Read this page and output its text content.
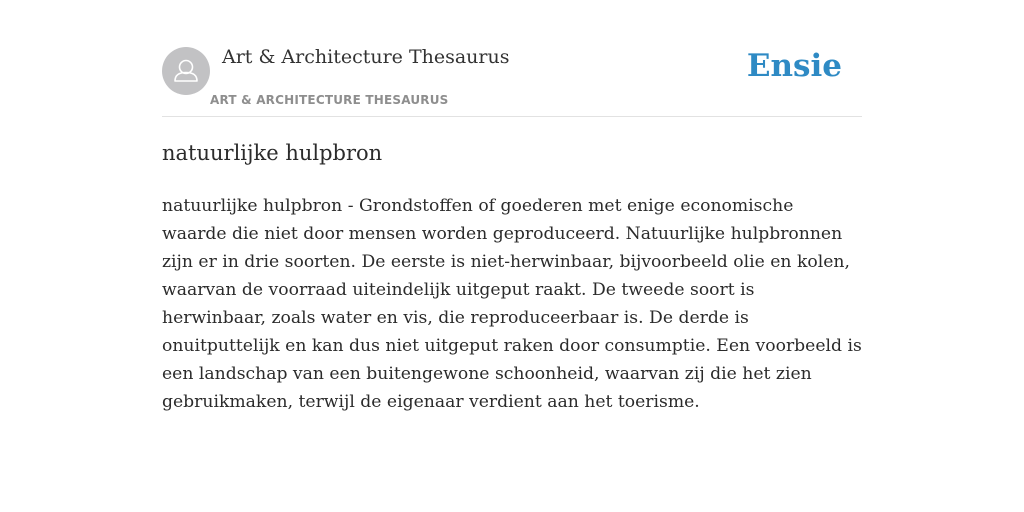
Art & Architecture Thesaurus
ART & ARCHITECTURE THESAURUS
Ensie
natuurlijke hulpbron

natuurlijke hulpbron - Grondstoffen of goederen met enige economische waarde die niet door mensen worden geproduceerd. Natuurlijke hulpbronnen zijn er in drie soorten. De eerste is niet-herwinbaar, bijvoorbeeld olie en kolen, waarvan de voorraad uiteindelijk uitgeput raakt. De tweede soort is herwinbaar, zoals water en vis, die reproduceerbaar is. De derde is onuitputtelijk en kan dus niet uitgeput raken door consumptie. Een voorbeeld is een landschap van een buitengewone schoonheid, waarvan zij die het zien gebruikmaken, terwijl de eigenaar verdient aan het toerisme.
